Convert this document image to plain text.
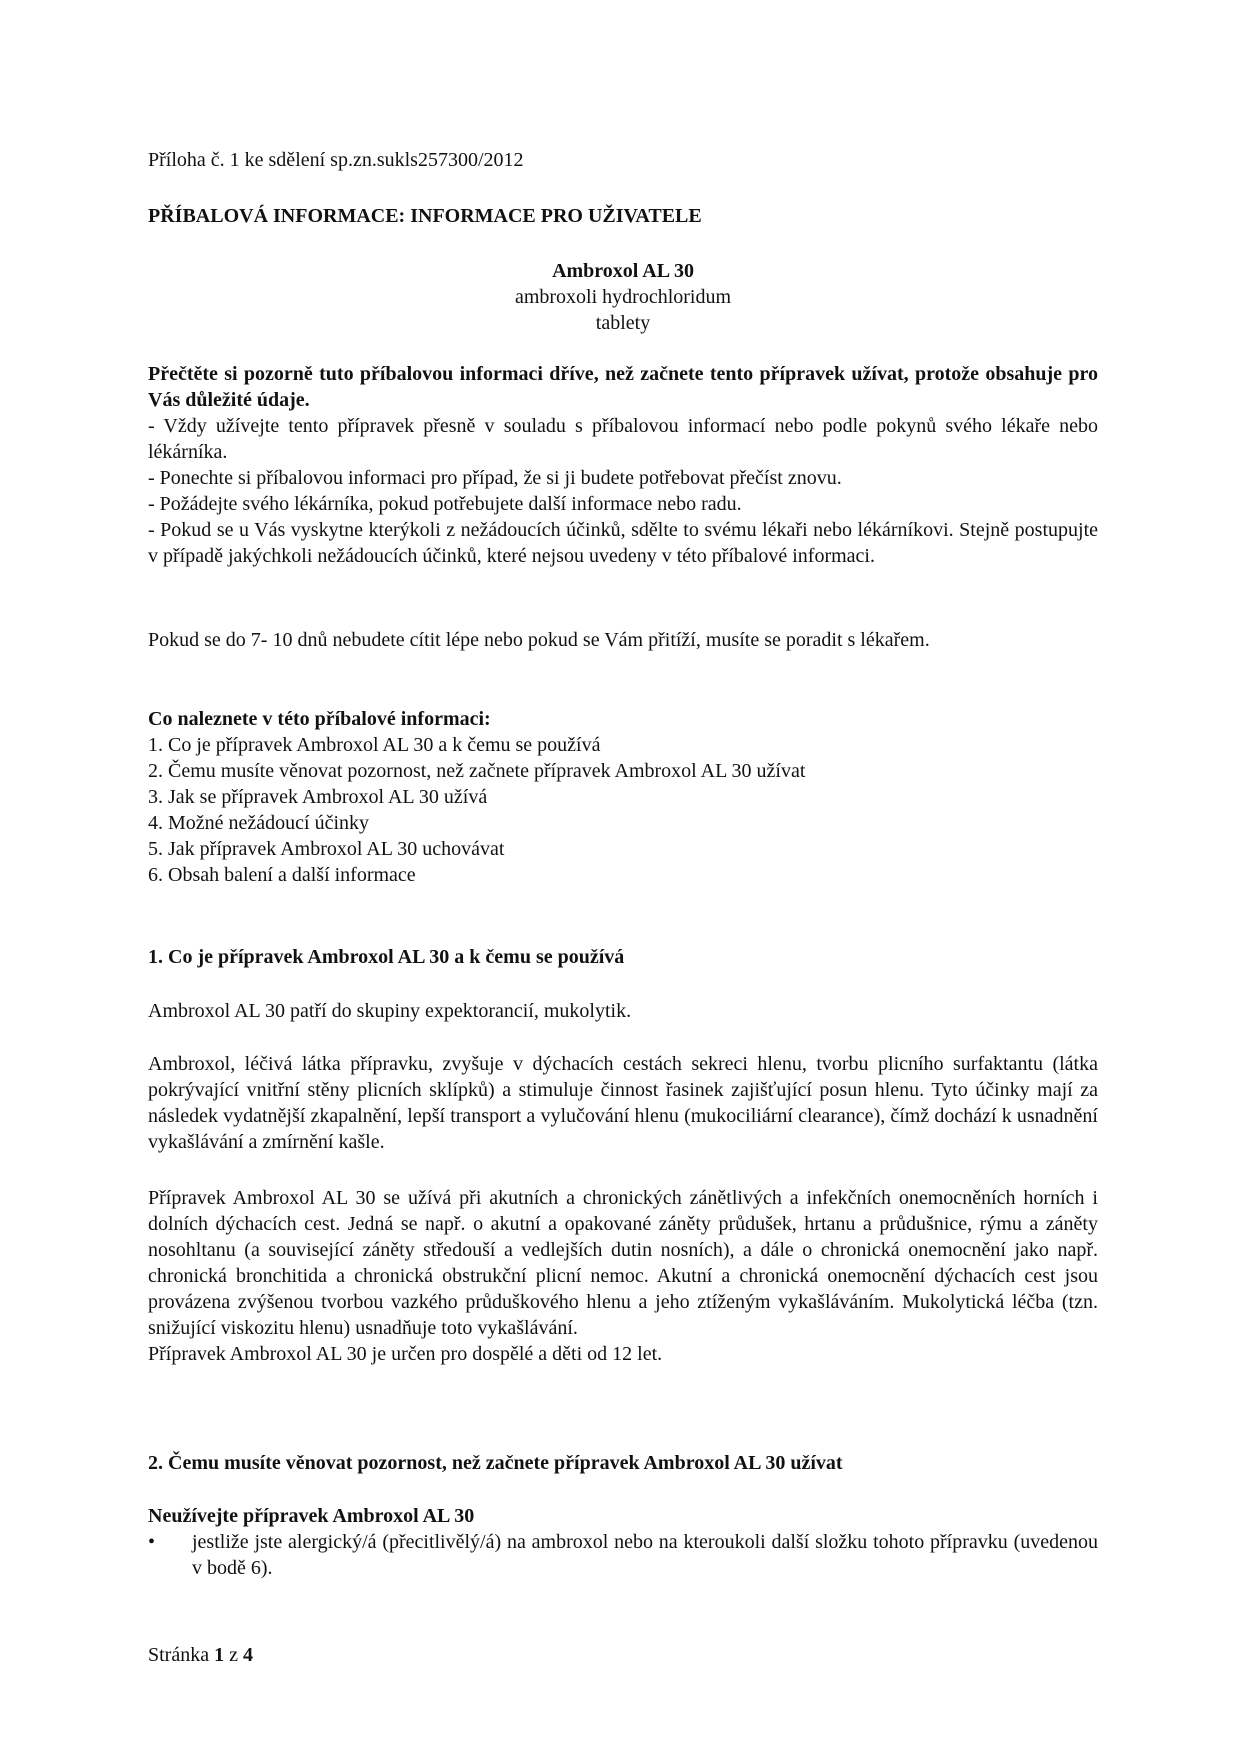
Příloha č. 1 ke sdělení sp.zn.sukls257300/2012

PŘÍBALOVÁ INFORMACE: INFORMACE PRO UŽIVATELE

Ambroxol AL 30

ambroxoli hydrochloridum

tablety

Přečtěte si pozorně tuto příbalovou informaci dříve, než začnete tento přípravek užívat, protože obsahuje pro Vás důležité údaje.

- Vždy užívejte tento přípravek přesně v souladu s příbalovou informací nebo podle pokynů svého lékaře nebo lékárníka.

- Ponechte si příbalovou informaci pro případ, že si ji budete potřebovat přečíst znovu.

- Požádejte svého lékárníka, pokud potřebujete další informace nebo radu.

- Pokud se u Vás vyskytne kterýkoli z nežádoucích účinků, sdělte to svému lékaři nebo lékárníkovi. Stejně postupujte v případě jakýchkoli nežádoucích účinků, které nejsou uvedeny v této příbalové informaci.

Pokud se do 7- 10 dnů nebudete cítit lépe nebo pokud se Vám přitíží, musíte se poradit s lékařem.

Co naleznete v této příbalové informaci:

1. Co je přípravek Ambroxol AL 30 a k čemu se používá
2. Čemu musíte věnovat pozornost, než začnete přípravek Ambroxol AL 30 užívat
3. Jak se přípravek Ambroxol AL 30 užívá
4. Možné nežádoucí účinky
5. Jak přípravek Ambroxol AL 30 uchovávat
6. Obsah balení a další informace

1. Co je přípravek Ambroxol AL 30 a k čemu se používá

Ambroxol AL 30 patří do skupiny expektorancií, mukolytik.

Ambroxol, léčivá látka přípravku, zvyšuje v dýchacích cestách sekreci hlenu, tvorbu plicního surfaktantu (látka pokrývající vnitřní stěny plicních sklípků) a stimuluje činnost řasinek zajišťující posun hlenu. Tyto účinky mají za následek vydatnější zkapalnění, lepší transport a vylučování hlenu (mukociliární clearance), čímž dochází k usnadnění vykašlávání a zmírnění kašle.

Přípravek Ambroxol AL 30 se užívá při akutních a chronických zánětlivých a infekčních onemocněních horních i dolních dýchacích cest. Jedná se např. o akutní a opakované záněty průdušek, hrtanu a průdušnice, rýmu a záněty nosohltanu (a související záněty středouší a vedlejších dutin nosních), a dále o chronická onemocnění jako např. chronická bronchitida a chronická obstrukční plicní nemoc. Akutní a chronická onemocnění dýchacích cest jsou provázena zvýšenou tvorbou vazkého průduškového hlenu a jeho ztíženým vykašláváním. Mukolytická léčba (tzn. snižující viskozitu hlenu) usnadňuje toto vykašlávání.

Přípravek Ambroxol AL 30 je určen pro dospělé a děti od 12 let.

2. Čemu musíte věnovat pozornost, než začnete přípravek Ambroxol AL 30 užívat

Neužívejte přípravek Ambroxol AL 30

•	jestliže jste alergický/á (přecitlivělý/á) na ambroxol nebo na kteroukoli další složku tohoto přípravku (uvedenou v bodě 6).

Stránka 1 z 4
